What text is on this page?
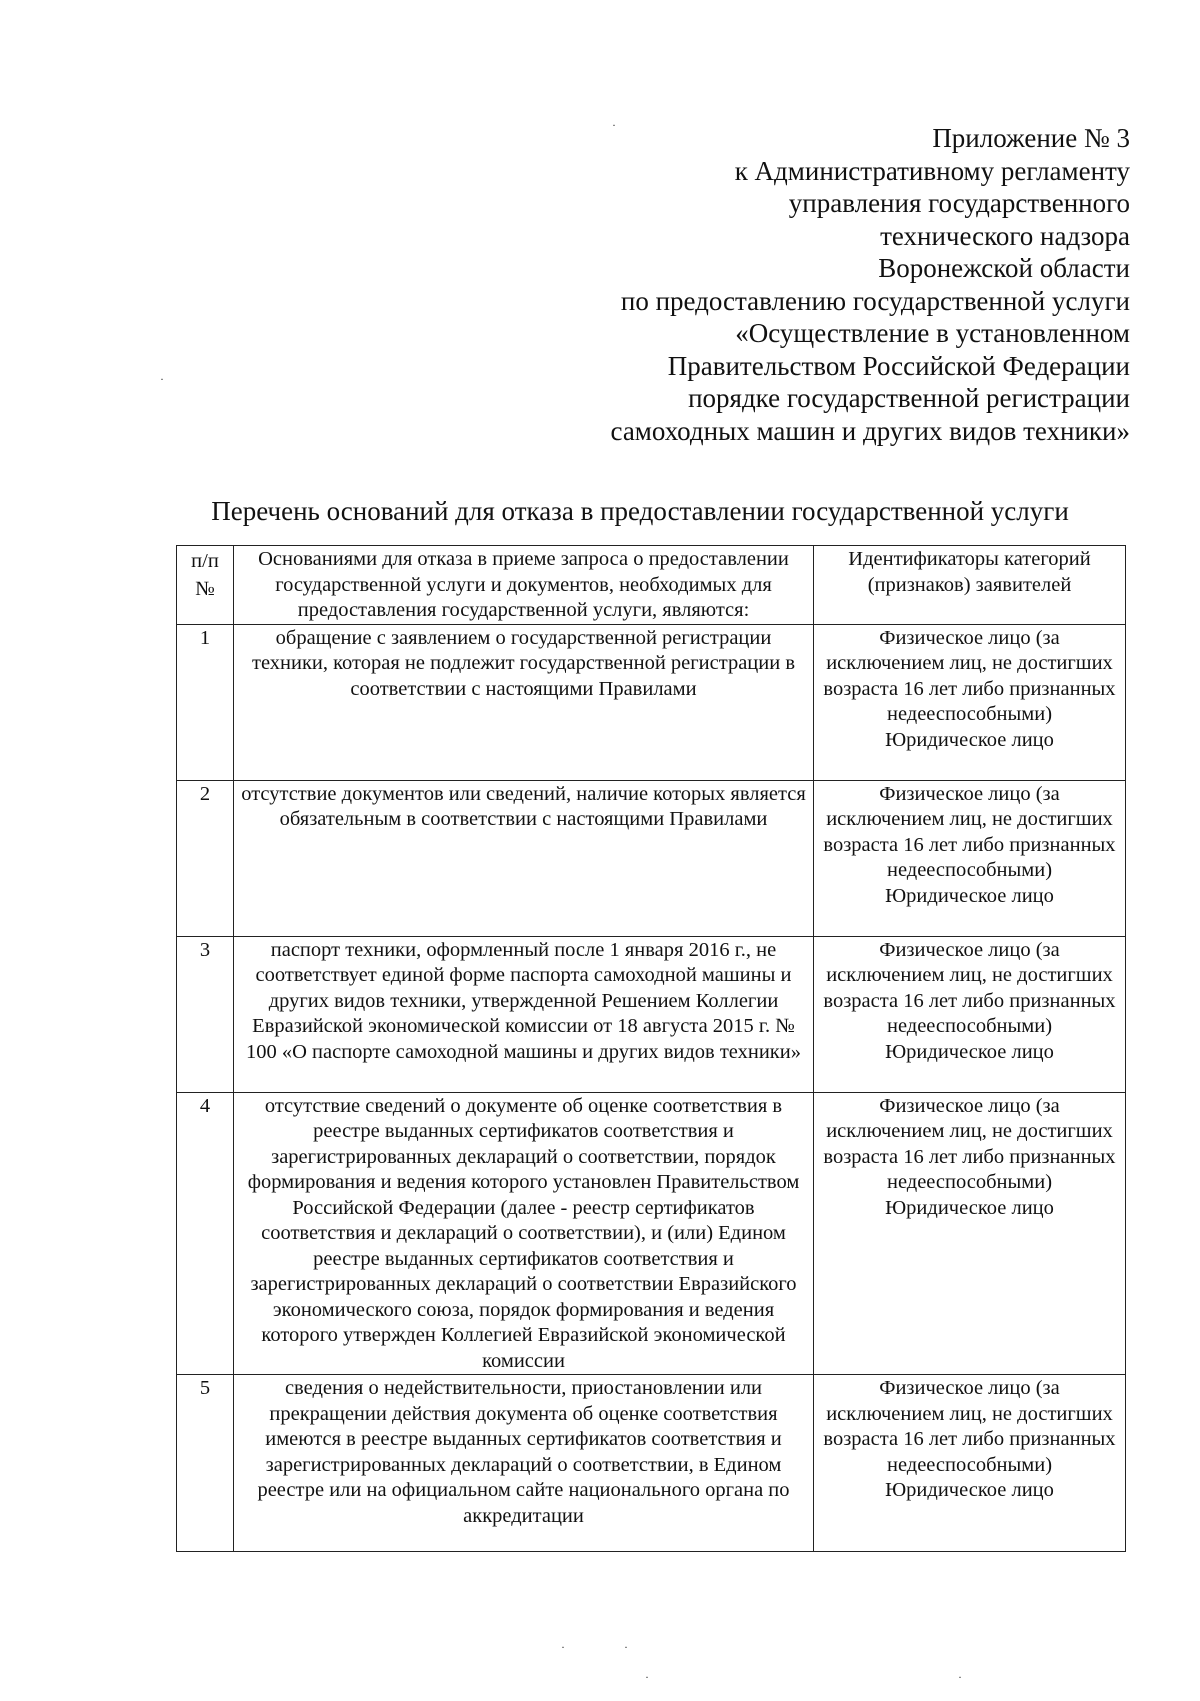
Приложение № 3
к Административному регламенту
управления государственного
технического надзора
Воронежской области
по предоставлению государственной услуги
«Осуществление в установленном
Правительством Российской Федерации
порядке государственной регистрации
самоходных машин и других видов техники»
Перечень оснований для отказа в предоставлении государственной услуги
п/п №	Основаниями для отказа в приеме запроса о предоставлении государственной услуги и документов, необходимых для предоставления государственной услуги, являются:	Идентификаторы категорий (признаков) заявителей
1	обращение с заявлением о государственной регистрации техники, которая не подлежит государственной регистрации в соответствии с настоящими Правилами	Физическое лицо (за исключением лиц, не достигших возраста 16 лет либо признанных недееспособными)
Юридическое лицо

2	отсутствие документов или сведений, наличие которых является обязательным в соответствии с настоящими Правилами	Физическое лицо (за исключением лиц, не достигших возраста 16 лет либо признанных недееспособными)
Юридическое лицо

3	паспорт техники, оформленный после 1 января 2016 г., не соответствует единой форме паспорта самоходной машины и других видов техники, утвержденной Решением Коллегии Евразийской экономической комиссии от 18 августа 2015 г. № 100 «О паспорте самоходной машины и других видов техники»	Физическое лицо (за исключением лиц, не достигших возраста 16 лет либо признанных недееспособными)
Юридическое лицо

4	отсутствие сведений о документе об оценке соответствия в реестре выданных сертификатов соответствия и зарегистрированных деклараций о соответствии, порядок формирования и ведения которого установлен Правительством Российской Федерации (далее - реестр сертификатов соответствия и деклараций о соответствии), и (или) Едином реестре выданных сертификатов соответствия и зарегистрированных деклараций о соответствии Евразийского экономического союза, порядок формирования и ведения которого утвержден Коллегией Евразийской экономической комиссии	Физическое лицо (за исключением лиц, не достигших возраста 16 лет либо признанных недееспособными)
Юридическое лицо

5	сведения о недействительности, приостановлении или прекращении действия документа об оценке соответствия имеются в реестре выданных сертификатов соответствия и зарегистрированных деклараций о соответствии, в Едином реестре или на официальном сайте национального органа по аккредитации	Физическое лицо (за исключением лиц, не достигших возраста 16 лет либо признанных недееспособными)
Юридическое лицо
·
·
·	·
·	·
